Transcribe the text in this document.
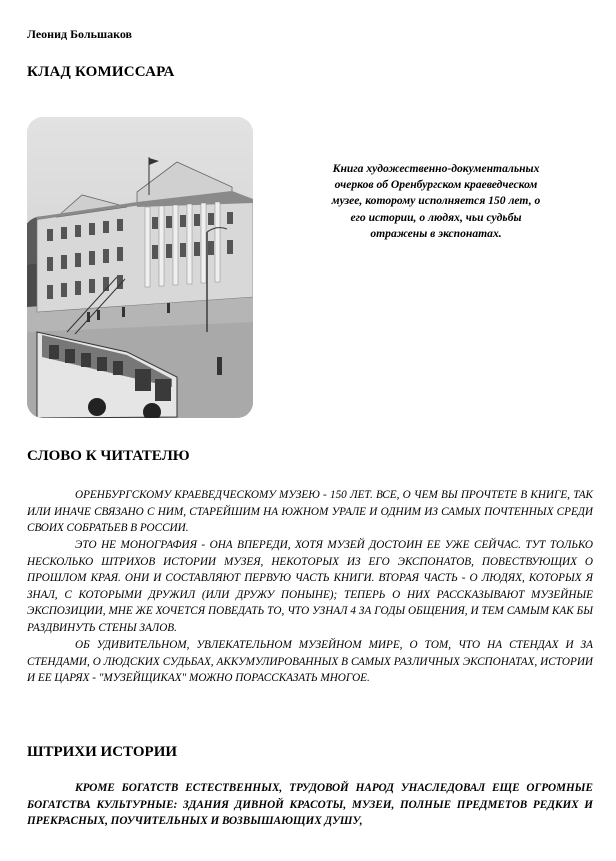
Леонид Большаков
КЛАД КОМИССАРА
Книга художественно-документальных
очерков об Оренбургском краеведческом
музее, которому исполняется 150 лет, о
его истории, о людях, чьи судьбы
отражены в экспонатах.
СЛОВО К ЧИТАТЕЛЮ

ОРЕНБУРГСКОМУ КРАЕВЕДЧЕСКОМУ МУЗЕЮ - 150 ЛЕТ. ВСЕ, О ЧЕМ ВЫ ПРОЧТЕТЕ В КНИГЕ, ТАК ИЛИ ИНАЧЕ СВЯЗАНО С НИМ, СТАРЕЙШИМ НА ЮЖНОМ УРАЛЕ И ОДНИМ ИЗ САМЫХ ПОЧТЕННЫХ СРЕДИ СВОИХ СОБРАТЬЕВ В РОССИИ.

ЭТО НЕ МОНОГРАФИЯ - ОНА ВПЕРЕДИ, ХОТЯ МУЗЕЙ ДОСТОИН ЕЕ УЖЕ СЕЙЧАС. ТУТ ТОЛЬКО НЕСКОЛЬКО ШТРИХОВ ИСТОРИИ МУЗЕЯ, НЕКОТОРЫХ ИЗ ЕГО ЭКСПОНАТОВ, ПОВЕСТВУЮЩИХ О ПРОШЛОМ КРАЯ. ОНИ И СОСТАВЛЯЮТ ПЕРВУЮ ЧАСТЬ КНИГИ. ВТОРАЯ ЧАСТЬ - О ЛЮДЯХ, КОТОРЫХ Я ЗНАЛ, С КОТОРЫМИ ДРУЖИЛ (ИЛИ ДРУЖУ ПОНЫНЕ); ТЕПЕРЬ О НИХ РАССКАЗЫВАЮТ МУЗЕЙНЫЕ ЭКСПОЗИЦИИ, МНЕ ЖЕ ХОЧЕТСЯ ПОВЕДАТЬ ТО, ЧТО УЗНАЛ 4 ЗА ГОДЫ ОБЩЕНИЯ, И ТЕМ САМЫМ КАК БЫ РАЗДВИНУТЬ СТЕНЫ ЗАЛОВ.

ОБ УДИВИТЕЛЬНОМ, УВЛЕКАТЕЛЬНОМ МУЗЕЙНОМ МИРЕ, О ТОМ, ЧТО НА СТЕНДАХ И ЗА СТЕНДАМИ, О ЛЮДСКИХ СУДЬБАХ, АККУМУЛИРОВАННЫХ В САМЫХ РАЗЛИЧНЫХ ЭКСПОНАТАХ, ИСТОРИИ И ЕЕ ЦАРЯХ - "МУЗЕЙЩИКАХ" МОЖНО ПОРАССКАЗАТЬ МНОГОЕ.

ШТРИХИ ИСТОРИИ

КРОМЕ БОГАТСТВ ЕСТЕСТВЕННЫХ, ТРУДОВОЙ НАРОД УНАСЛЕДОВАЛ ЕЩЕ ОГРОМНЫЕ БОГАТСТВА КУЛЬТУРНЫЕ: ЗДАНИЯ ДИВНОЙ КРАСОТЫ, МУЗЕИ, ПОЛНЫЕ ПРЕДМЕТОВ РЕДКИХ И ПРЕКРАСНЫХ, ПОУЧИТЕЛЬНЫХ И ВОЗВЫШАЮЩИХ ДУШУ,
